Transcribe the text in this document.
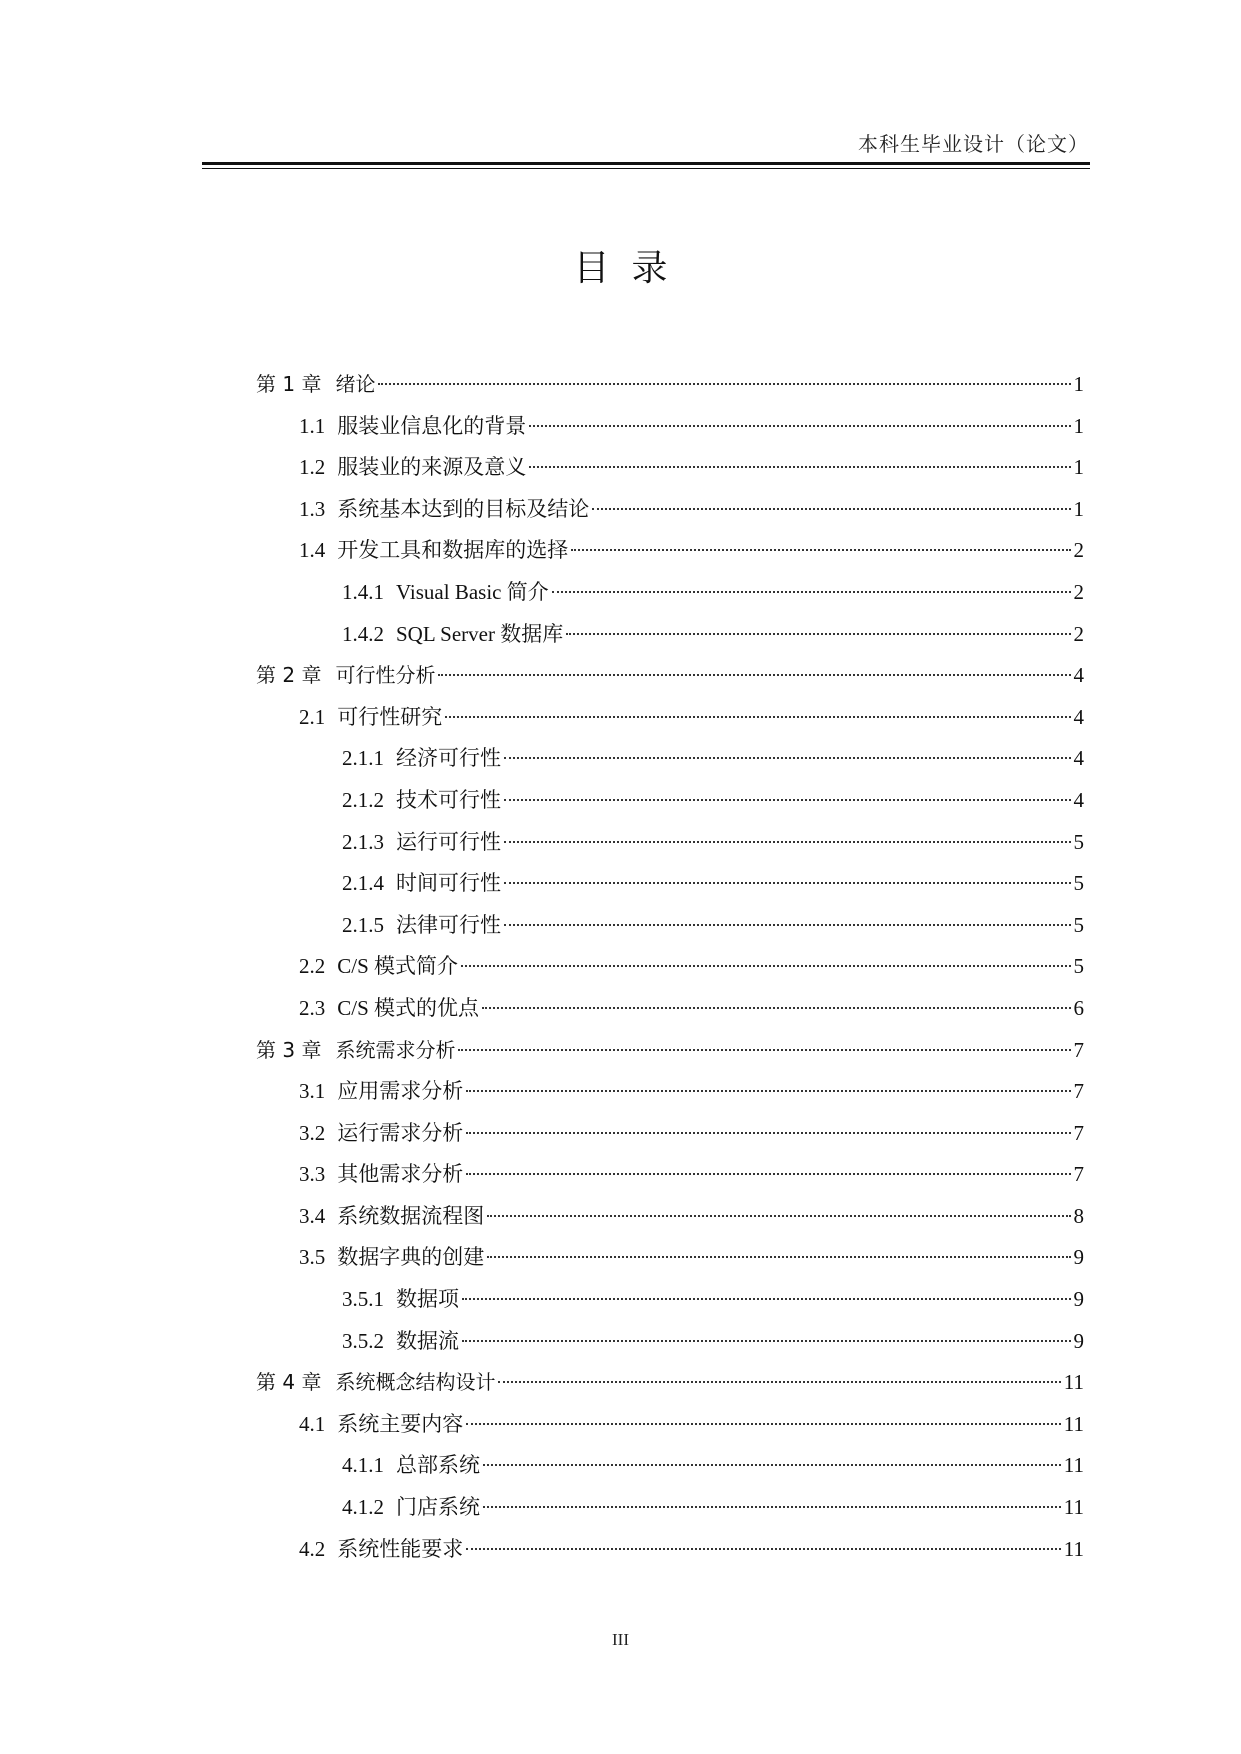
本科生毕业设计（论文）
目录
第 1 章 绪论	1
1.1 服装业信息化的背景	1
1.2 服装业的来源及意义	1
1.3 系统基本达到的目标及结论	1
1.4 开发工具和数据库的选择	2
1.4.1 Visual Basic 简介	2
1.4.2 SQL Server 数据库	2
第 2 章 可行性分析	4
2.1 可行性研究	4
2.1.1 经济可行性	4
2.1.2 技术可行性	4
2.1.3 运行可行性	5
2.1.4 时间可行性	5
2.1.5 法律可行性	5
2.2 C/S 模式简介	5
2.3 C/S 模式的优点	6
第 3 章 系统需求分析	7
3.1 应用需求分析	7
3.2 运行需求分析	7
3.3 其他需求分析	7
3.4 系统数据流程图	8
3.5 数据字典的创建	9
3.5.1 数据项	9
3.5.2 数据流	9
第 4 章 系统概念结构设计	11
4.1 系统主要内容	11
4.1.1 总部系统	11
4.1.2 门店系统	11
4.2 系统性能要求	11
III
